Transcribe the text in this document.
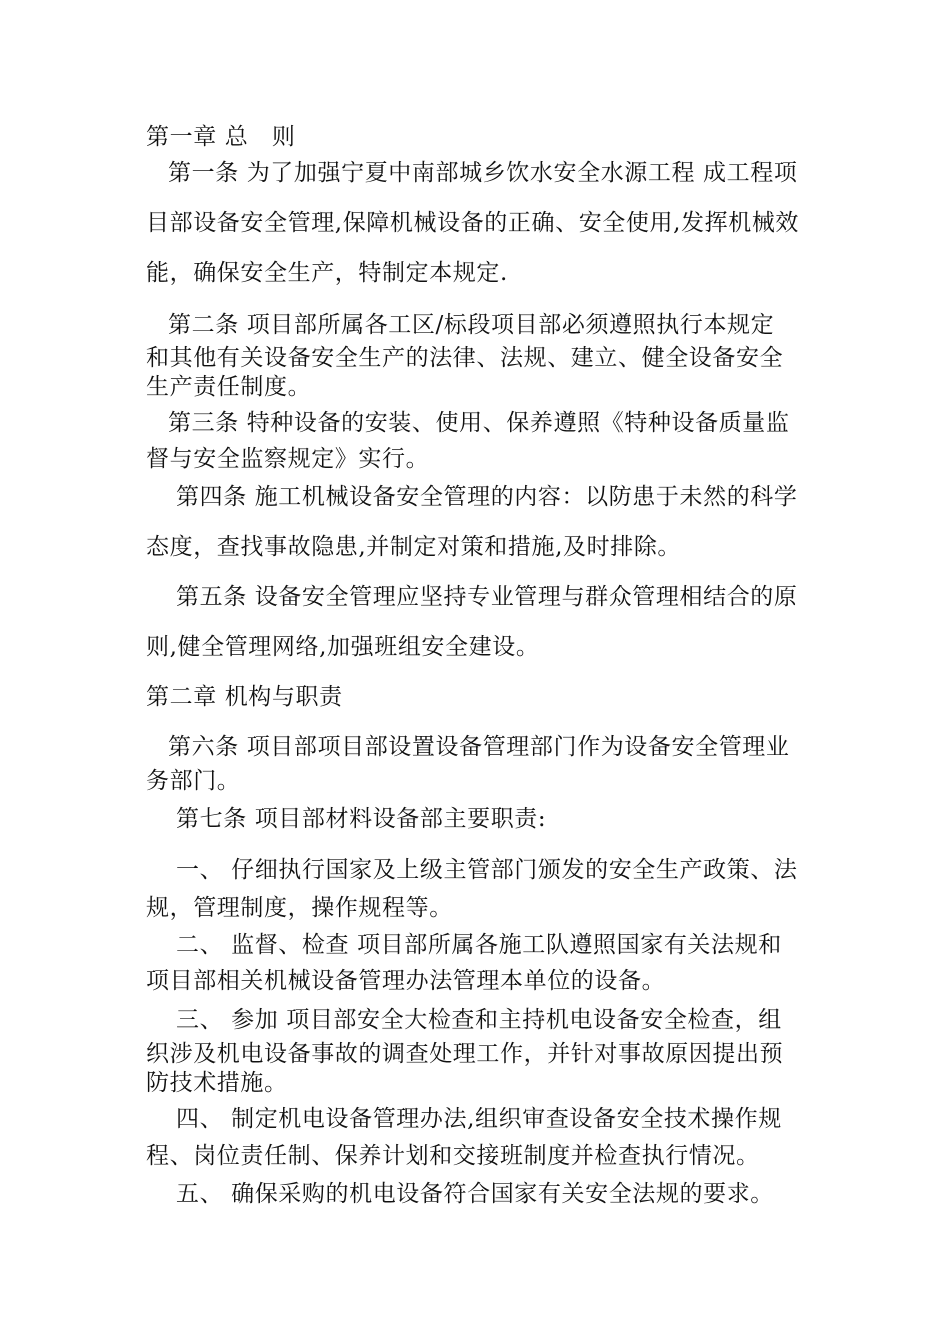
第一章 总　则
第一条 为了加强宁夏中南部城乡饮水安全水源工程 成工程项
目部设备安全管理,保障机械设备的正确、安全使用,发挥机械效
能，确保安全生产，特制定本规定.
第二条 项目部所属各工区/标段项目部必须遵照执行本规定
和其他有关设备安全生产的法律、法规、建立、健全设备安全
生产责任制度。
第三条 特种设备的安装、使用、保养遵照《特种设备质量监
督与安全监察规定》实行。
第四条 施工机械设备安全管理的内容：以防患于未然的科学
态度，查找事故隐患,并制定对策和措施,及时排除。
第五条 设备安全管理应坚持专业管理与群众管理相结合的原
则,健全管理网络,加强班组安全建设。
第二章 机构与职责
第六条 项目部项目部设置设备管理部门作为设备安全管理业
务部门。
第七条 项目部材料设备部主要职责:
一、 仔细执行国家及上级主管部门颁发的安全生产政策、法
规，管理制度，操作规程等。
二、 监督、检查 项目部所属各施工队遵照国家有关法规和
项目部相关机械设备管理办法管理本单位的设备。
三、 参加 项目部安全大检查和主持机电设备安全检查，组
织涉及机电设备事故的调查处理工作，并针对事故原因提出预
防技术措施。
四、 制定机电设备管理办法,组织审查设备安全技术操作规
程、岗位责任制、保养计划和交接班制度并检查执行情况。
五、 确保采购的机电设备符合国家有关安全法规的要求。
